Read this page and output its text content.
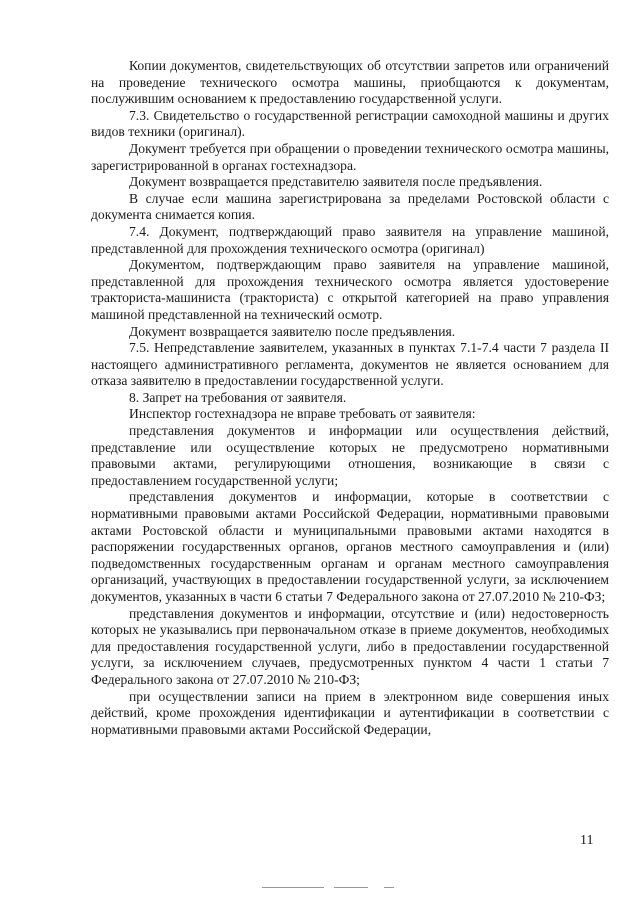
Копии документов, свидетельствующих об отсутствии запретов или ограничений на проведение технического осмотра машины, приобщаются к документам, послужившим основанием к предоставлению государственной услуги.

7.3. Свидетельство о государственной регистрации самоходной машины и других видов техники (оригинал).

Документ требуется при обращении о проведении технического осмотра машины, зарегистрированной в органах гостехнадзора.

Документ возвращается представителю заявителя после предъявления.

В случае если машина зарегистрирована за пределами Ростовской области с документа снимается копия.

7.4. Документ, подтверждающий право заявителя на управление машиной, представленной для прохождения технического осмотра (оригинал)

Документом, подтверждающим право заявителя на управление машиной, представленной для прохождения технического осмотра является удостоверение тракториста-машиниста (тракториста) с открытой категорией на право управления машиной представленной на технический осмотр.

Документ возвращается заявителю после предъявления.

7.5. Непредставление заявителем, указанных в пунктах 7.1-7.4 части 7 раздела II настоящего административного регламента, документов не является основанием для отказа заявителю в предоставлении государственной услуги.

8. Запрет на требования от заявителя.

Инспектор гостехнадзора не вправе требовать от заявителя:

представления документов и информации или осуществления действий, представление или осуществление которых не предусмотрено нормативными правовыми актами, регулирующими отношения, возникающие в связи с предоставлением государственной услуги;

представления документов и информации, которые в соответствии с нормативными правовыми актами Российской Федерации, нормативными правовыми актами Ростовской области и муниципальными правовыми актами находятся в распоряжении государственных органов, органов местного самоуправления и (или) подведомственных государственным органам и органам местного самоуправления организаций, участвующих в предоставлении государственной услуги, за исключением документов, указанных в части 6 статьи 7 Федерального закона от 27.07.2010 № 210-ФЗ;

представления документов и информации, отсутствие и (или) недостоверность которых не указывались при первоначальном отказе в приеме документов, необходимых для предоставления государственной услуги, либо в предоставлении государственной услуги, за исключением случаев, предусмотренных пунктом 4 части 1 статьи 7 Федерального закона от 27.07.2010 № 210-ФЗ;

при осуществлении записи на прием в электронном виде совершения иных действий, кроме прохождения идентификации и аутентификации в соответствии с нормативными правовыми актами Российской Федерации,

11
